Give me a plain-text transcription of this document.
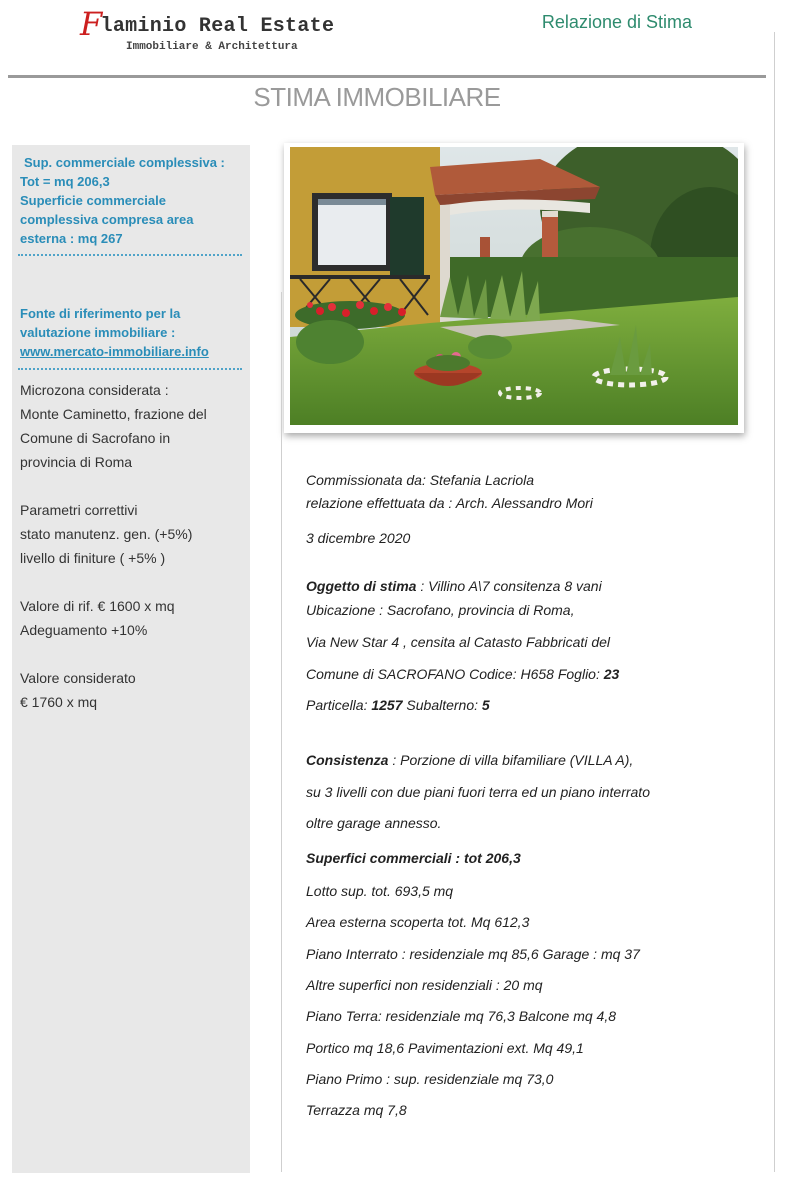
Flaminio Real Estate
Immobiliare & Architettura
Relazione di Stima
STIMA IMMOBILIARE
Sup. commerciale complessiva :
Tot = mq 206,3
Superficie commerciale
complessiva compresa area
esterna : mq 267
Fonte di riferimento per la
valutazione immobiliare :
www.mercato-immobiliare.info
Microzona considerata :
Monte Caminetto, frazione del
Comune di Sacrofano in
provincia di Roma
Parametri correttivi
stato manutenz. gen. (+5%)
livello di finiture ( +5% )
Valore di rif. € 1600 x mq
Adeguamento +10%
Valore considerato
€ 1760 x mq
Commissionata da: Stefania Lacriola
relazione effettuata da : Arch. Alessandro Mori
3 dicembre 2020
Oggetto di stima : Villino A\7 consitenza 8 vani
Ubicazione : Sacrofano, provincia di Roma,
Via New Star 4 , censita al Catasto Fabbricati del
Comune di SACROFANO Codice: H658 Foglio: 23
Particella: 1257 Subalterno: 5
Consistenza : Porzione di villa bifamiliare (VILLA A),
su 3 livelli con due piani fuori terra ed un piano interrato
oltre garage annesso.
Superfici commerciali : tot 206,3
Lotto sup. tot. 693,5 mq
Area esterna scoperta tot. Mq 612,3
Piano Interrato : residenziale mq 85,6 Garage : mq 37
Altre superfici non residenziali : 20 mq
Piano Terra: residenziale mq 76,3 Balcone mq 4,8
Portico mq 18,6 Pavimentazioni ext. Mq 49,1
Piano Primo : sup. residenziale mq 73,0
Terrazza mq 7,8
